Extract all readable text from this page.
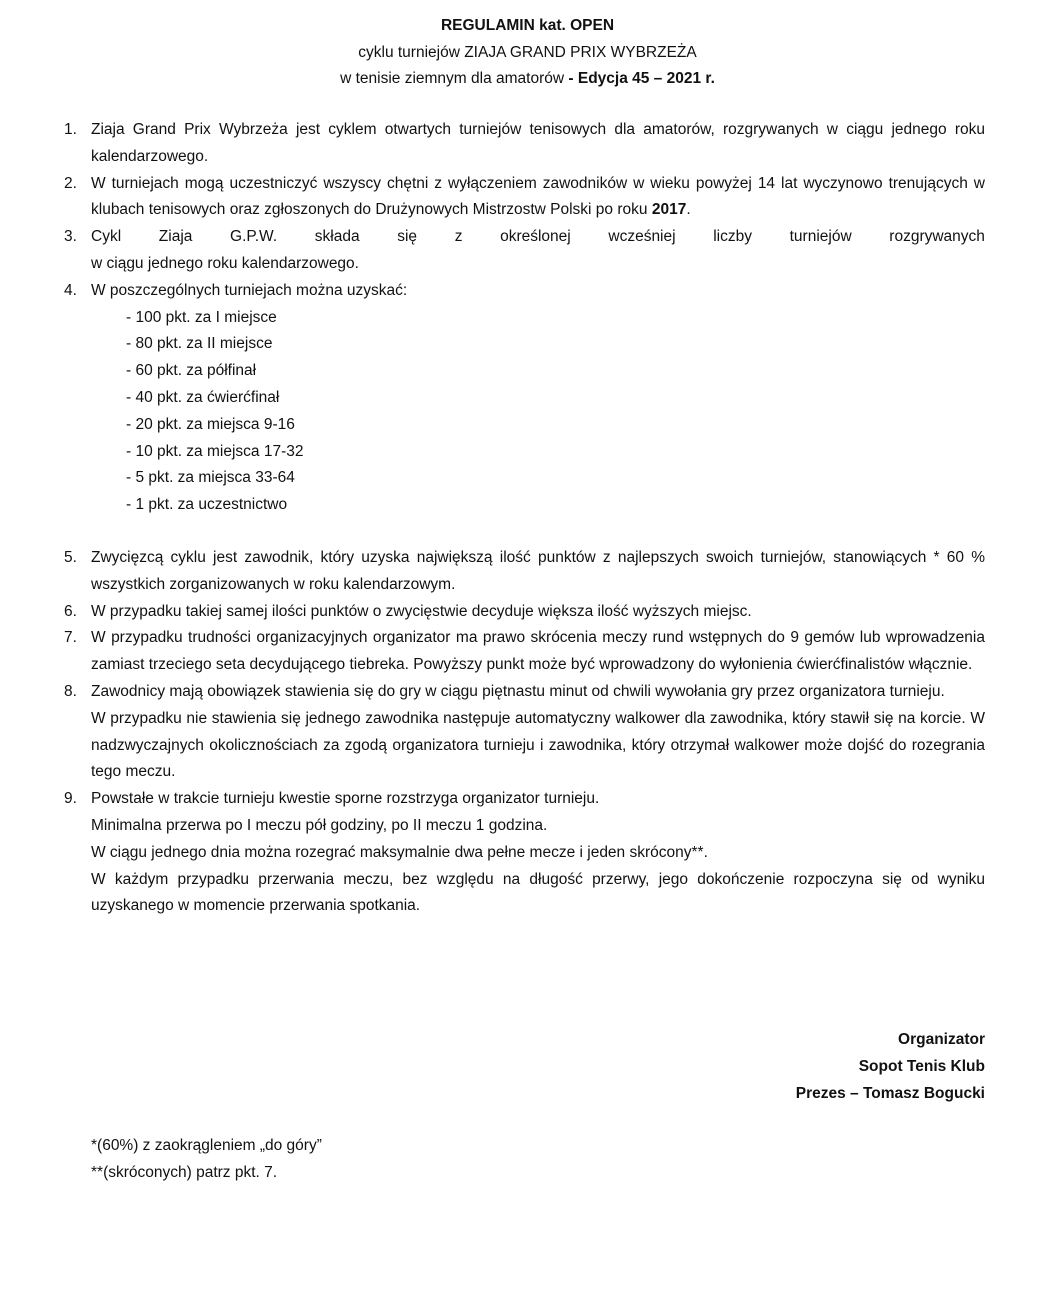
REGULAMIN kat. OPEN
cyklu turniejów ZIAJA GRAND PRIX WYBRZEŻA
w tenisie ziemnym dla amatorów - Edycja 45 – 2021 r.
1. Ziaja Grand Prix Wybrzeża jest cyklem otwartych turniejów tenisowych dla amatorów, rozgrywanych w ciągu jednego roku kalendarzowego.
2. W turniejach mogą uczestniczyć wszyscy chętni z wyłączeniem zawodników w wieku powyżej 14 lat wyczynowo trenujących w klubach tenisowych oraz zgłoszonych do Drużynowych Mistrzostw Polski po roku 2017.
3. Cykl Ziaja G.P.W. składa się z określonej wcześniej liczby turniejów rozgrywanych
w ciągu jednego roku kalendarzowego.
4. W poszczególnych turniejach można uzyskać:
- 100 pkt. za I miejsce
- 80 pkt. za II miejsce
- 60 pkt. za półfinał
- 40 pkt. za ćwierćfinał
- 20 pkt. za miejsca 9-16
- 10 pkt. za miejsca 17-32
- 5 pkt. za miejsca 33-64
- 1 pkt. za uczestnictwo
5. Zwycięzcą cyklu jest zawodnik, który uzyska największą ilość punktów z najlepszych swoich turniejów, stanowiących * 60 % wszystkich zorganizowanych w roku kalendarzowym.
6. W przypadku takiej samej ilości punktów o zwycięstwie decyduje większa ilość wyższych miejsc.
7. W przypadku trudności organizacyjnych organizator ma prawo skrócenia meczy rund wstępnych do 9 gemów lub wprowadzenia zamiast trzeciego seta decydującego tiebreka. Powyższy punkt może być wprowadzony do wyłonienia ćwierćfinalistów włącznie.
8. Zawodnicy mają obowiązek stawienia się do gry w ciągu piętnastu minut od chwili wywołania gry przez organizatora turnieju.
W przypadku nie stawienia się jednego zawodnika następuje automatyczny walkower dla zawodnika, który stawił się na korcie. W nadzwyczajnych okolicznościach za zgodą organizatora turnieju i zawodnika, który otrzymał walkower może dojść do rozegrania tego meczu.
9. Powstałe w trakcie turnieju kwestie sporne rozstrzyga organizator turnieju.
Minimalna przerwa po I meczu pół godziny, po II meczu 1 godzina.
W ciągu jednego dnia można rozegrać maksymalnie dwa pełne mecze i jeden skrócony**.
W każdym przypadku przerwania meczu, bez względu na długość przerwy, jego dokończenie rozpoczyna się od wyniku uzyskanego w momencie przerwania spotkania.
Organizator
Sopot Tenis Klub
Prezes – Tomasz Bogucki
*(60%) z zaokrągleniem „do góry”
**(skróconych) patrz pkt. 7.
